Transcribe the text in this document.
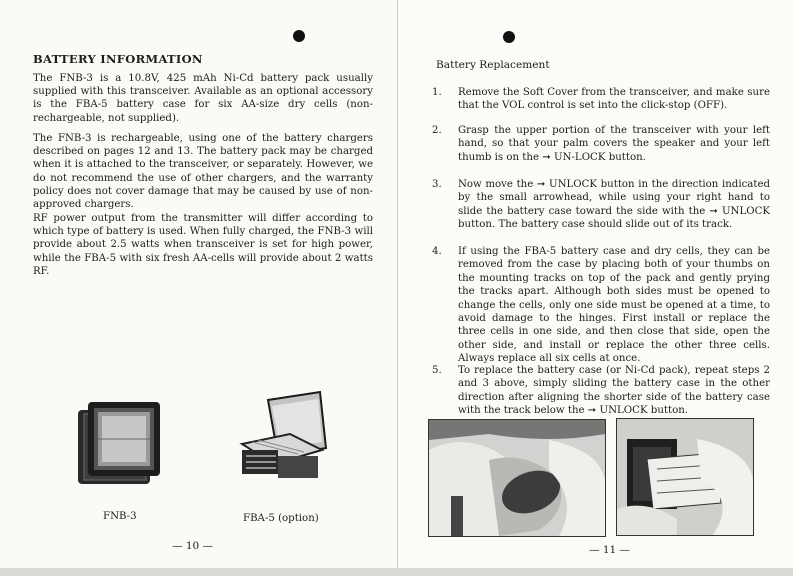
BATTERY INFORMATION

The FNB-3 is a 10.8V, 425 mAh Ni-Cd battery pack usually supplied with this transceiver. Available as an optional accessory is the FBA-5 battery case for six AA-size dry cells (non-rechargeable, not supplied).

The FNB-3 is rechargeable, using one of the battery chargers described on pages 12 and 13. The battery pack may be charged when it is attached to the transceiver, or separately. However, we do not recommend the use of other chargers, and the warranty policy does not cover damage that may be caused by use of non-approved chargers.

RF power output from the transmitter will differ according to which type of battery is used. When fully charged, the FNB-3 will provide about 2.5 watts when transceiver is set for high power, while the FBA-5 with six fresh AA-cells will provide about 2 watts RF.

FNB-3	FBA-5 (option)
— 10 —
Battery Replacement
1. Remove the Soft Cover from the transceiver, and make sure that the VOL control is set into the click-stop (OFF).
2. Grasp the upper portion of the transceiver with your left hand, so that your palm covers the speaker and your left thumb is on the ➞ UN-LOCK button.
3. Now move the ➞ UNLOCK button in the direction indicated by the small arrowhead, while using your right hand to slide the battery case toward the side with the ➞ UNLOCK button. The battery case should slide out of its track.
4. If using the FBA-5 battery case and dry cells, they can be removed from the case by placing both of your thumbs on the mounting tracks on top of the pack and gently prying the tracks apart. Although both sides must be opened to change the cells, only one side must be opened at a time, to avoid damage to the hinges. First install or replace the three cells in one side, and then close that side, open the other side, and install or replace the other three cells. Always replace all six cells at once.
5. To replace the battery case (or Ni-Cd pack), repeat steps 2 and 3 above, simply sliding the battery case in the other direction after aligning the shorter side of the battery case with the track below the ➞ UNLOCK button.
— 11 —
